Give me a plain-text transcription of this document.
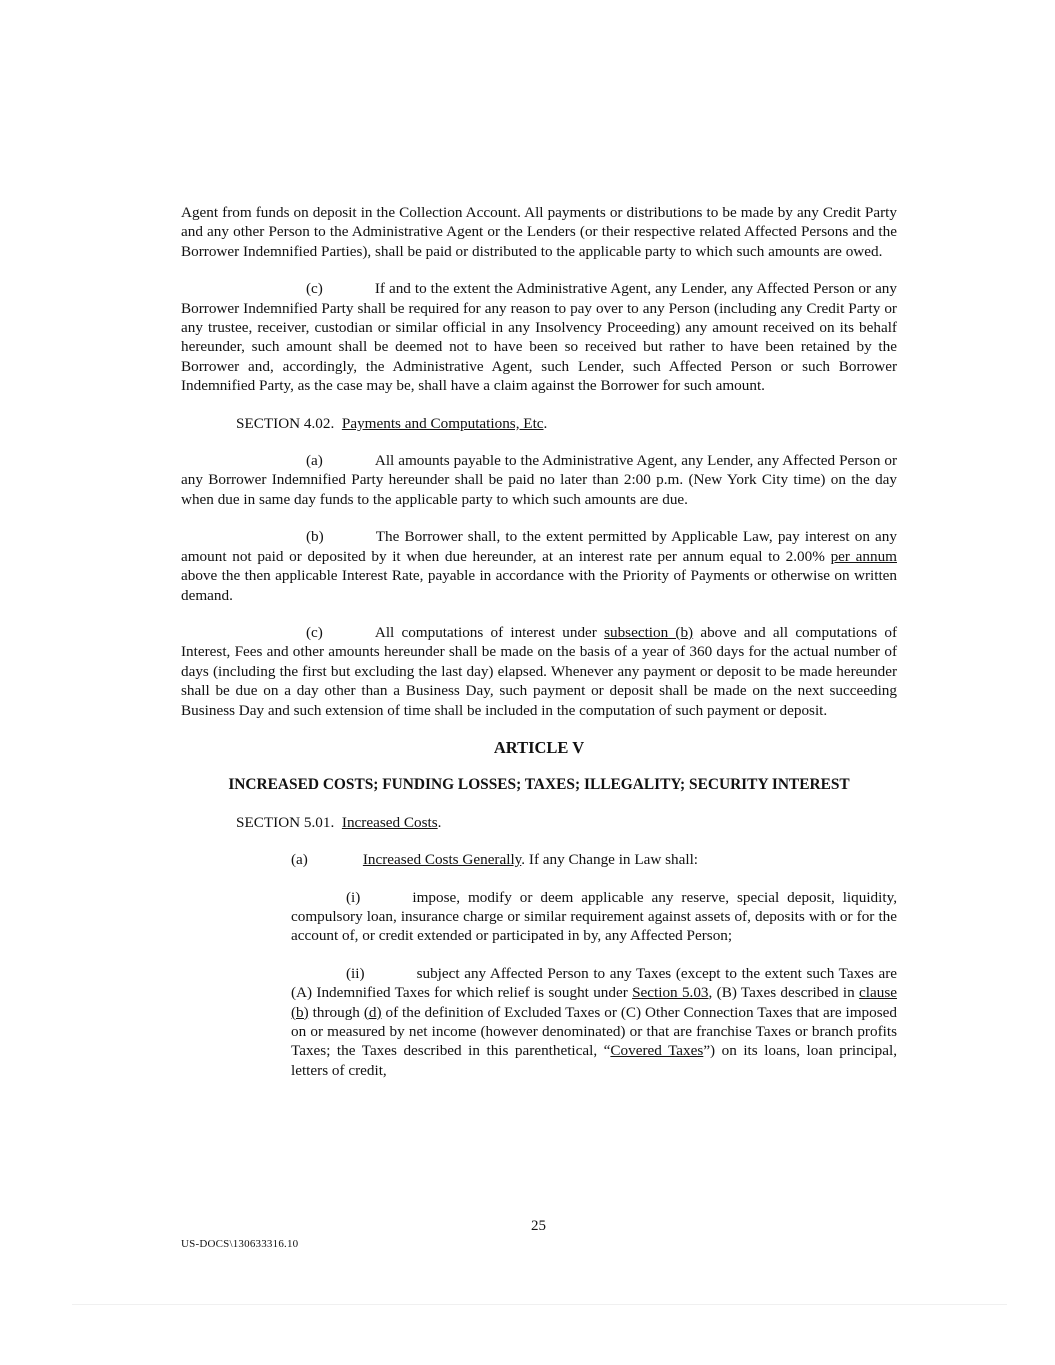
Agent from funds on deposit in the Collection Account. All payments or distributions to be made by any Credit Party and any other Person to the Administrative Agent or the Lenders (or their respective related Affected Persons and the Borrower Indemnified Parties), shall be paid or distributed to the applicable party to which such amounts are owed.

(c)	If and to the extent the Administrative Agent, any Lender, any Affected Person or any Borrower Indemnified Party shall be required for any reason to pay over to any Person (including any Credit Party or any trustee, receiver, custodian or similar official in any Insolvency Proceeding) any amount received on its behalf hereunder, such amount shall be deemed not to have been so received but rather to have been retained by the Borrower and, accordingly, the Administrative Agent, such Lender, such Affected Person or such Borrower Indemnified Party, as the case may be, shall have a claim against the Borrower for such amount.

SECTION 4.02. Payments and Computations, Etc.

(a)	All amounts payable to the Administrative Agent, any Lender, any Affected Person or any Borrower Indemnified Party hereunder shall be paid no later than 2:00 p.m. (New York City time) on the day when due in same day funds to the applicable party to which such amounts are due.

(b)	The Borrower shall, to the extent permitted by Applicable Law, pay interest on any amount not paid or deposited by it when due hereunder, at an interest rate per annum equal to 2.00% per annum above the then applicable Interest Rate, payable in accordance with the Priority of Payments or otherwise on written demand.

(c)	All computations of interest under subsection (b) above and all computations of Interest, Fees and other amounts hereunder shall be made on the basis of a year of 360 days for the actual number of days (including the first but excluding the last day) elapsed. Whenever any payment or deposit to be made hereunder shall be due on a day other than a Business Day, such payment or deposit shall be made on the next succeeding Business Day and such extension of time shall be included in the computation of such payment or deposit.

ARTICLE V

INCREASED COSTS; FUNDING LOSSES; TAXES; ILLEGALITY; SECURITY INTEREST

SECTION 5.01. Increased Costs.

(a)	Increased Costs Generally. If any Change in Law shall:

(i)	impose, modify or deem applicable any reserve, special deposit, liquidity, compulsory loan, insurance charge or similar requirement against assets of, deposits with or for the account of, or credit extended or participated in by, any Affected Person;

(ii)	subject any Affected Person to any Taxes (except to the extent such Taxes are (A) Indemnified Taxes for which relief is sought under Section 5.03, (B) Taxes described in clause (b) through (d) of the definition of Excluded Taxes or (C) Other Connection Taxes that are imposed on or measured by net income (however denominated) or that are franchise Taxes or branch profits Taxes; the Taxes described in this parenthetical, “Covered Taxes”) on its loans, loan principal, letters of credit,

25
US-DOCS\130633316.10
